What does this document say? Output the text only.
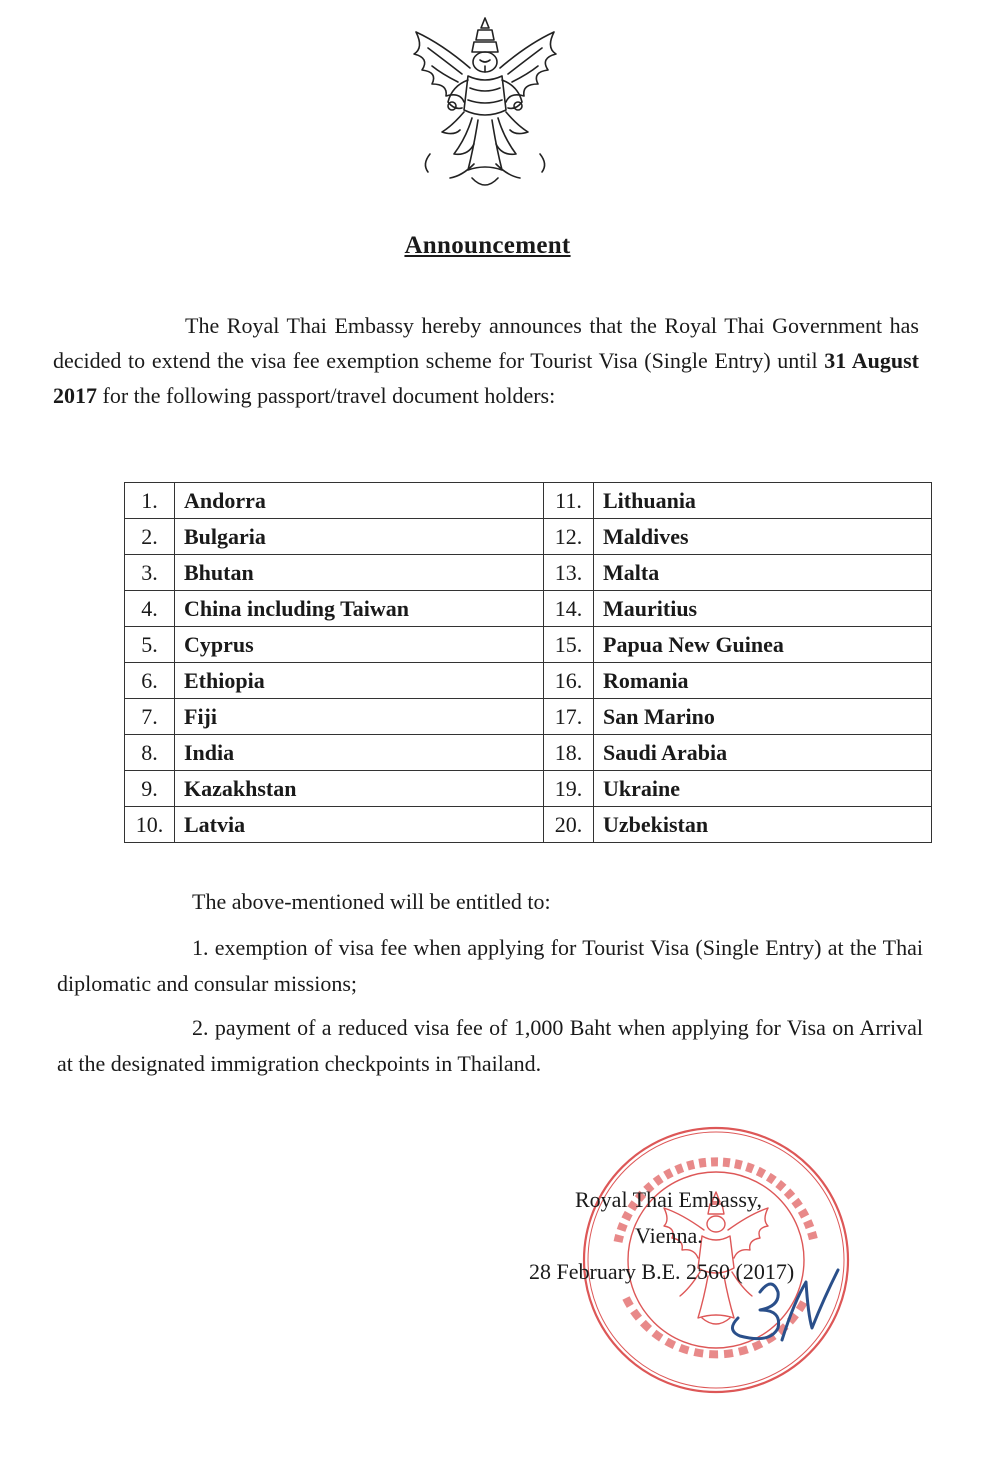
Announcement

The Royal Thai Embassy hereby announces that the Royal Thai Government has decided to extend the visa fee exemption scheme for Tourist Visa (Single Entry) until 31 August 2017 for the following passport/travel document holders:

1.	Andorra	11.	Lithuania
2.	Bulgaria	12.	Maldives
3.	Bhutan	13.	Malta
4.	China including Taiwan	14.	Mauritius
5.	Cyprus	15.	Papua New Guinea
6.	Ethiopia	16.	Romania
7.	Fiji	17.	San Marino
8.	India	18.	Saudi Arabia
9.	Kazakhstan	19.	Ukraine
10.	Latvia	20.	Uzbekistan
The above-mentioned will be entitled to:
1. exemption of visa fee when applying for Tourist Visa (Single Entry) at the Thai diplomatic and consular missions;
2. payment of a reduced visa fee of 1,000 Baht when applying for Visa on Arrival at the designated immigration checkpoints in Thailand.
Royal Thai Embassy,
Vienna.
28 February B.E. 2560 (2017)
